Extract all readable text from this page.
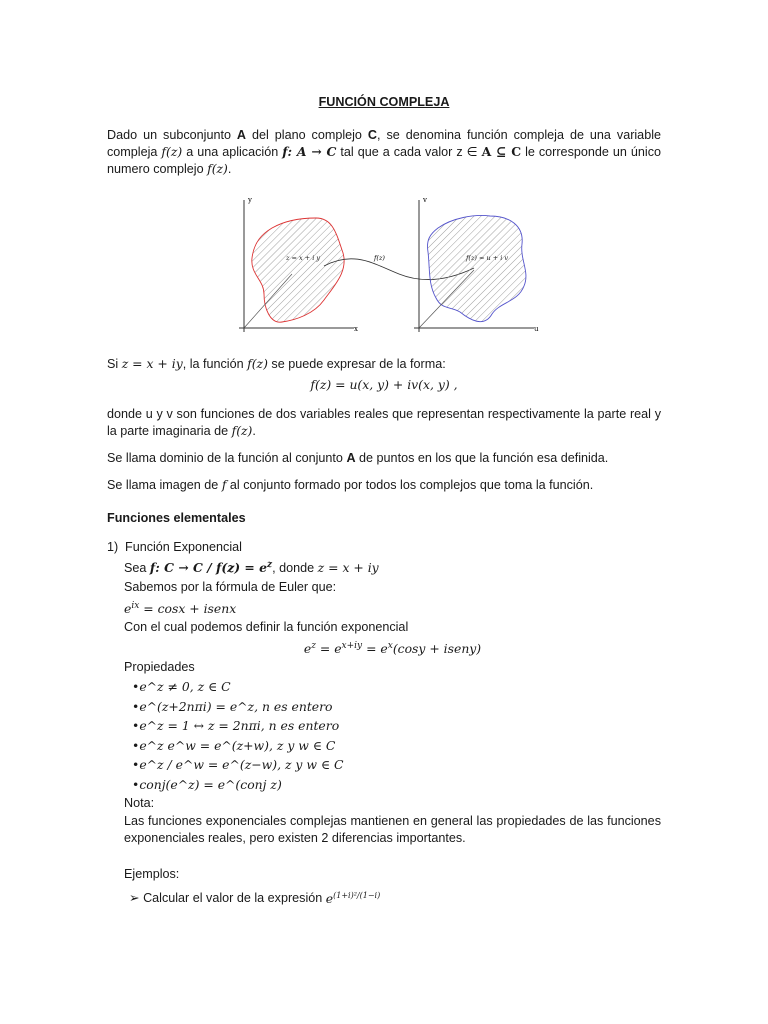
FUNCIÓN COMPLEJA

Dado un subconjunto A del plano complejo C, se denomina función compleja de una variable compleja f(z) a una aplicación f: A → C tal que a cada valor z ∈ A ⊆ C le corresponde un único numero complejo f(z).

y
x
z = x + i y	f(z)
v
u
f(z) = u + i v

Si z = x + iy, la función f(z) se puede expresar de la forma:

f(z) = u(x, y) + iv(x, y) ,

donde u y v son funciones de dos variables reales que representan respectivamente la parte real y la parte imaginaria de f(z).

Se llama dominio de la función al conjunto A de puntos en los que la función esa definida.

Se llama imagen de f al conjunto formado por todos los complejos que toma la función.

Funciones elementales
1) Función Exponencial
Sea f: $C \to C / f(z) = e^z$, donde z = x + iy
Sabemos por la fórmula de Euler que:
$e^{ix} = \cos x$ + isenx
Con el cual podemos definir la función exponencial
$e^z = e^{x+iy} = e^x(\cos y$ + iseny)
Propiedades
•e^z ≠ 0, z ∈ C
•e^(z+2nπi) = e^z, n es entero
•e^z = 1 ↔ z = 2nπi, n es entero
•e^z e^w = e^(z+w), z y w ∈ C
•e^z / e^w = e^(z−w), z y w ∈ C
•conj(e^z) = e^(conj z)
Nota:

Las funciones exponenciales complejas mantienen en general las propiedades de las funciones exponenciales reales, pero existen 2 diferencias importantes.

Ejemplos:
➢ Calcular el valor de la expresión $e^{(1+i)^2/(1-i)}$
